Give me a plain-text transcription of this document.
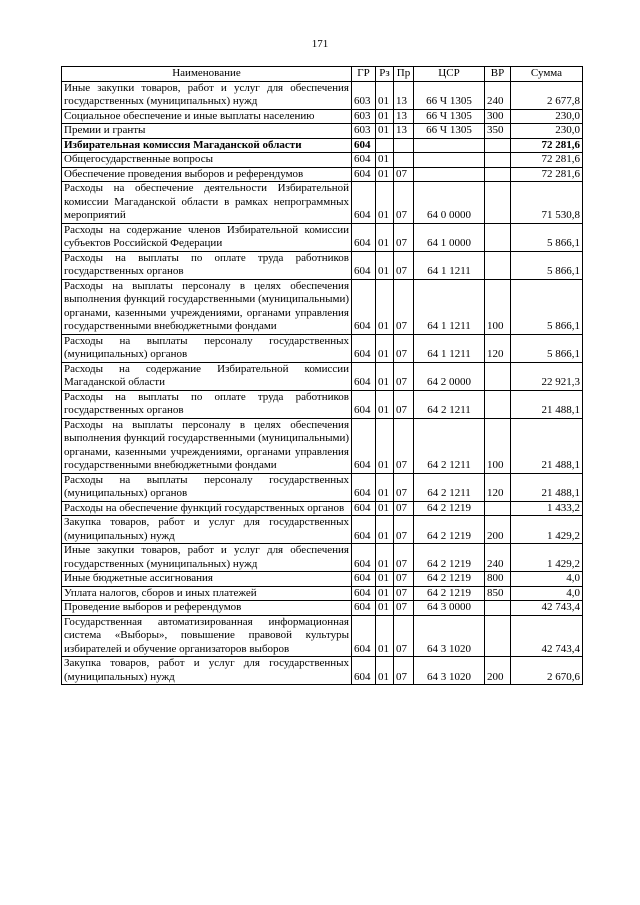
171
Наименование	ГР	Рз	Пр	ЦСР	ВР	Сумма
Иные закупки товаров, работ и услуг для обеспечения государственных (муниципальных) нужд	603	01	13	66 Ч 1305	240	2 677,8
Социальное обеспечение и иные выплаты населению	603	01	13	66 Ч 1305	300	230,0
Премии и гранты	603	01	13	66 Ч 1305	350	230,0
Избирательная комиссия Магаданской области	604					72 281,6
Общегосударственные вопросы	604	01				72 281,6
Обеспечение проведения выборов и референдумов	604	01	07			72 281,6
Расходы на обеспечение деятельности Избирательной комиссии Магаданской области в рамках непрограммных мероприятий	604	01	07	64 0 0000		71 530,8
Расходы на содержание членов Избирательной комиссии субъектов Российской Федерации	604	01	07	64 1 0000		5 866,1
Расходы на выплаты по оплате труда работников государственных органов	604	01	07	64 1 1211		5 866,1
Расходы на выплаты персоналу в целях обеспечения выполнения функций государственными (муниципальными) органами, казенными учреждениями, органами управления государственными внебюджетными фондами	604	01	07	64 1 1211	100	5 866,1
Расходы на выплаты персоналу государственных (муниципальных) органов	604	01	07	64 1 1211	120	5 866,1
Расходы на содержание Избирательной комиссии Магаданской области	604	01	07	64 2 0000		22 921,3
Расходы на выплаты по оплате труда работников государственных органов	604	01	07	64 2 1211		21 488,1
Расходы на выплаты персоналу в целях обеспечения выполнения функций государственными (муниципальными) органами, казенными учреждениями, органами управления государственными внебюджетными фондами	604	01	07	64 2 1211	100	21 488,1
Расходы на выплаты персоналу государственных (муниципальных) органов	604	01	07	64 2 1211	120	21 488,1
Расходы на обеспечение функций государственных органов	604	01	07	64 2 1219		1 433,2
Закупка товаров, работ и услуг для государственных (муниципальных) нужд	604	01	07	64 2 1219	200	1 429,2
Иные закупки товаров, работ и услуг для обеспечения государственных (муниципальных) нужд	604	01	07	64 2 1219	240	1 429,2
Иные бюджетные ассигнования	604	01	07	64 2 1219	800	4,0
Уплата налогов, сборов и иных платежей	604	01	07	64 2 1219	850	4,0
Проведение выборов и референдумов	604	01	07	64 3 0000		42 743,4
Государственная автоматизированная информационная система «Выборы», повышение правовой культуры избирателей и обучение организаторов выборов	604	01	07	64 3 1020		42 743,4
Закупка товаров, работ и услуг для государственных (муниципальных) нужд	604	01	07	64 3 1020	200	2 670,6
